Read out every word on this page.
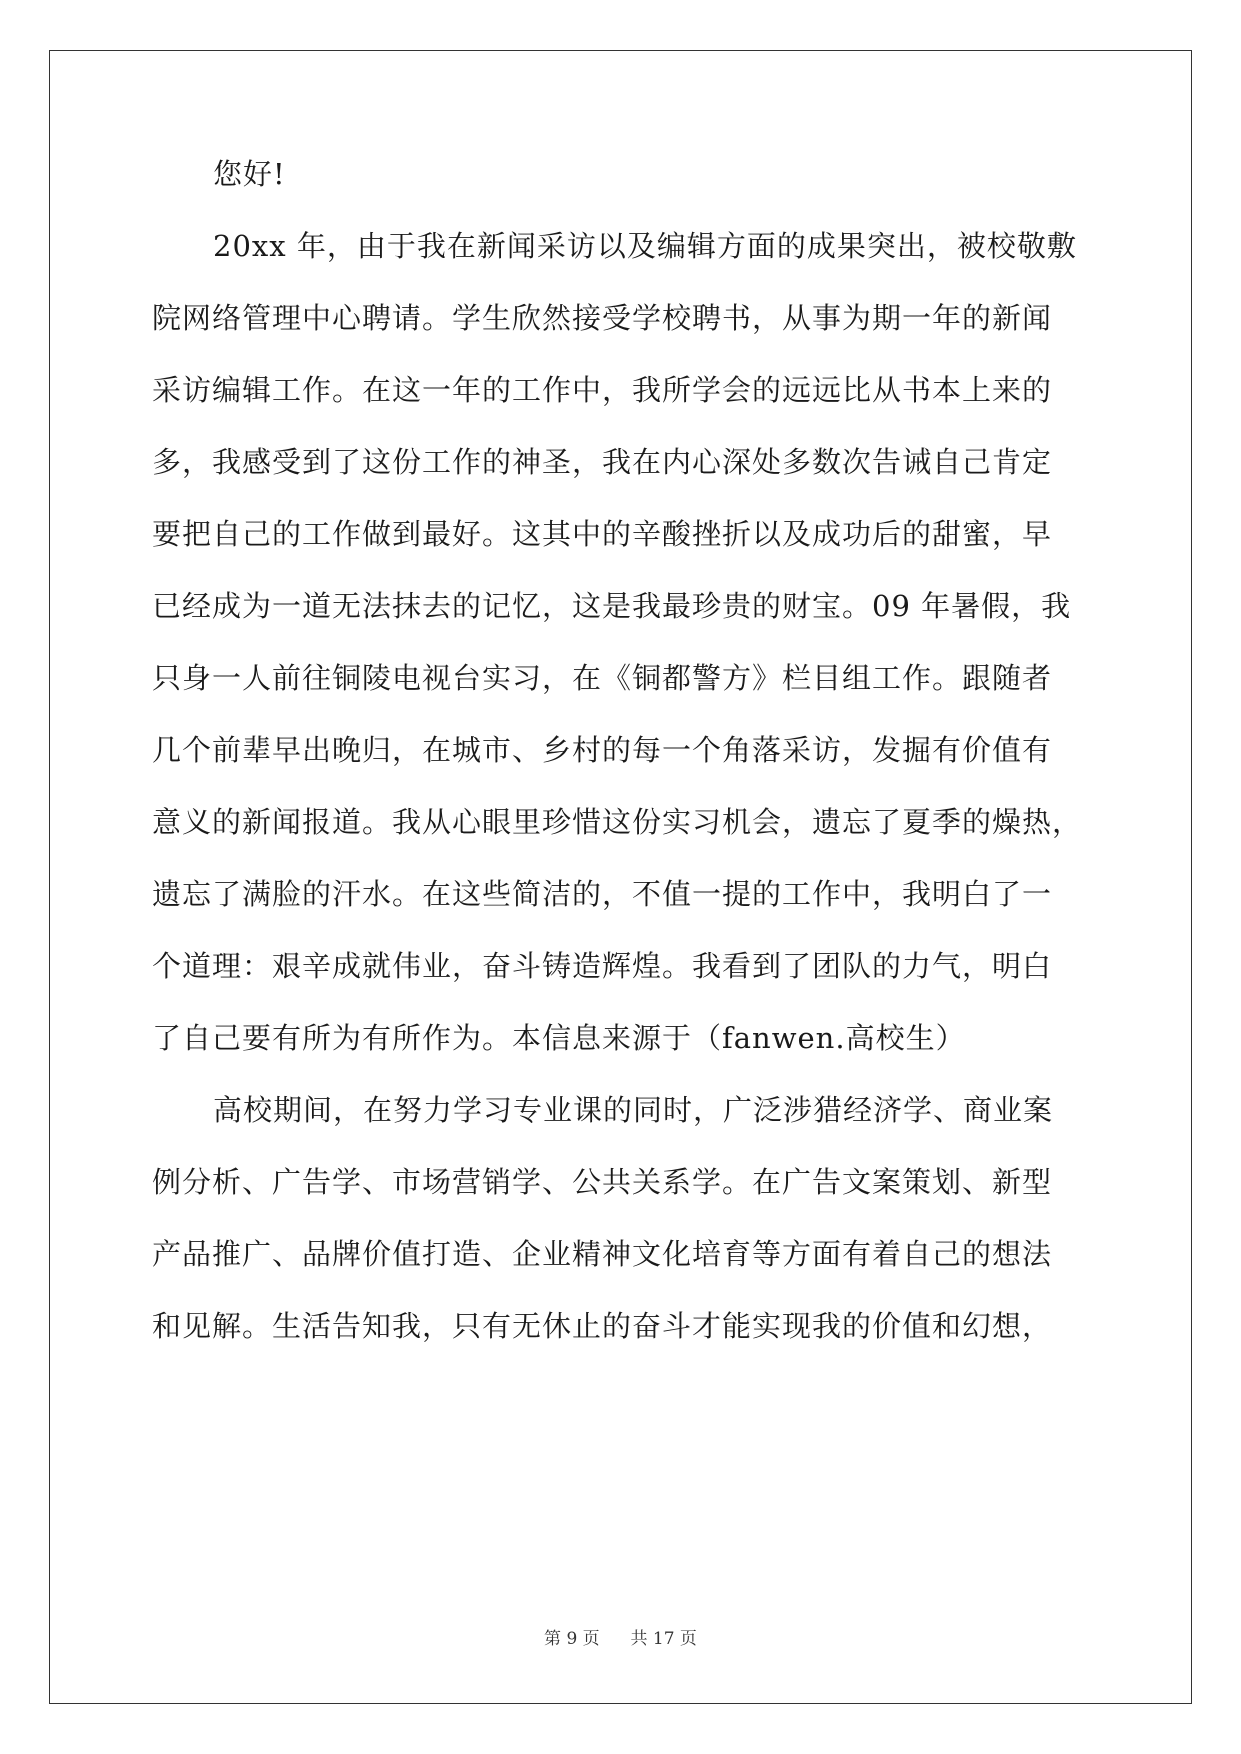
您好!
20xx 年，由于我在新闻采访以及编辑方面的成果突出，被校敬敷
院网络管理中心聘请。学生欣然接受学校聘书，从事为期一年的新闻
采访编辑工作。在这一年的工作中，我所学会的远远比从书本上来的
多，我感受到了这份工作的神圣，我在内心深处多数次告诫自己肯定
要把自己的工作做到最好。这其中的辛酸挫折以及成功后的甜蜜，早
已经成为一道无法抹去的记忆，这是我最珍贵的财宝。09 年暑假，我
只身一人前往铜陵电视台实习，在《铜都警方》栏目组工作。跟随者
几个前辈早出晚归，在城市、乡村的每一个角落采访，发掘有价值有
意义的新闻报道。我从心眼里珍惜这份实习机会，遗忘了夏季的燥热，
遗忘了满脸的汗水。在这些简洁的，不值一提的工作中，我明白了一
个道理：艰辛成就伟业，奋斗铸造辉煌。我看到了团队的力气，明白
了自己要有所为有所作为。本信息来源于（fanwen.高校生）
高校期间，在努力学习专业课的同时，广泛涉猎经济学、商业案
例分析、广告学、市场营销学、公共关系学。在广告文案策划、新型
产品推广、品牌价值打造、企业精神文化培育等方面有着自己的想法
和见解。生活告知我，只有无休止的奋斗才能实现我的价值和幻想，
第 9 页 共 17 页
